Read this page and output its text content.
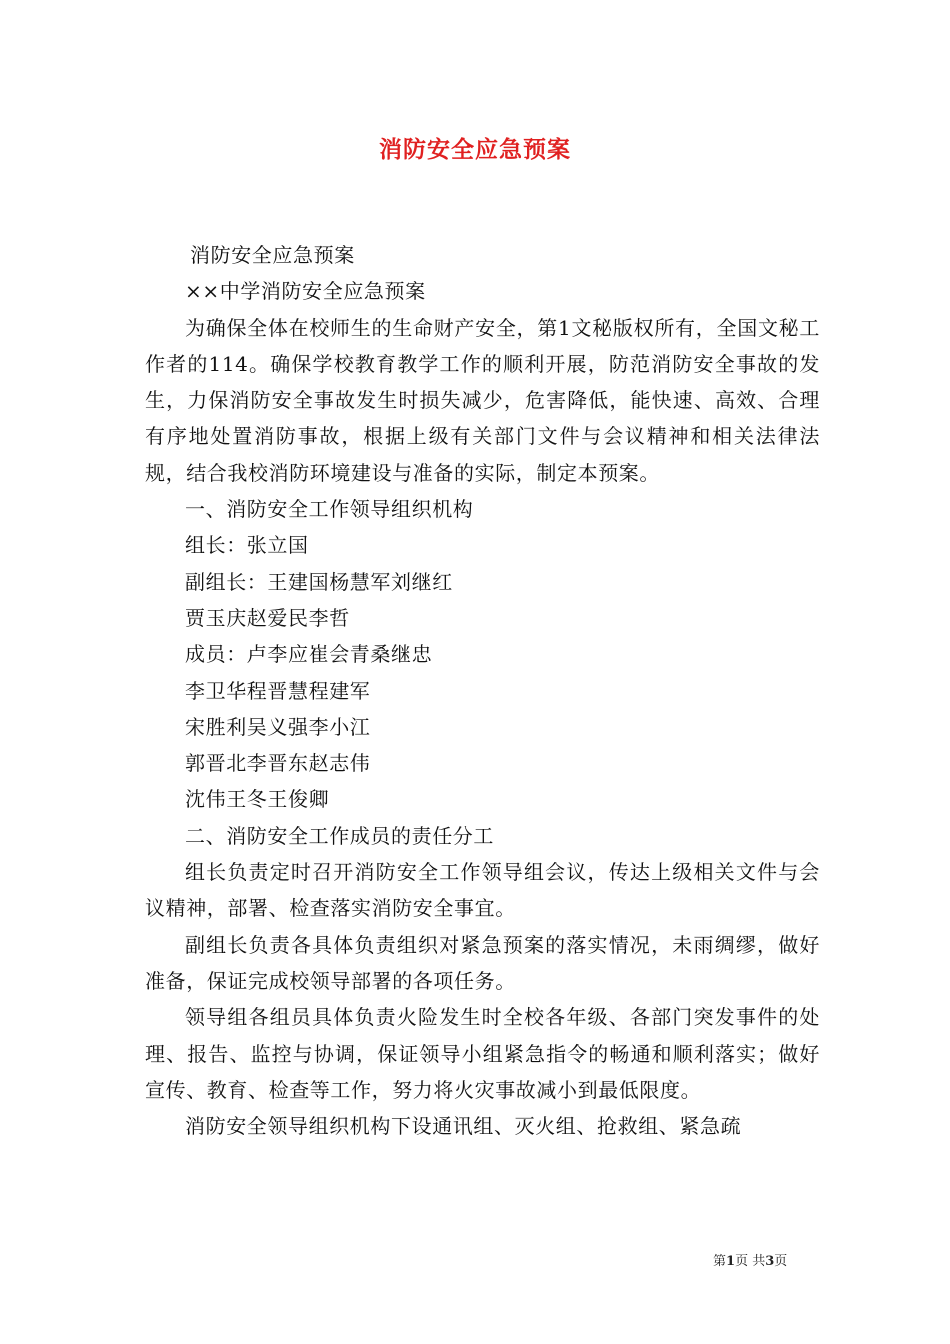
消防安全应急预案

消防安全应急预案

××中学消防安全应急预案

为确保全体在校师生的生命财产安全，第1文秘版权所有，全国文秘工作者的114。确保学校教育教学工作的顺利开展，防范消防安全事故的发生，力保消防安全事故发生时损失减少，危害降低，能快速、高效、合理有序地处置消防事故，根据上级有关部门文件与会议精神和相关法律法规，结合我校消防环境建设与准备的实际，制定本预案。

一、消防安全工作领导组织机构

组长：张立国

副组长：王建国杨慧军刘继红

贾玉庆赵爱民李哲

成员：卢李应崔会青桑继忠

李卫华程晋慧程建军

宋胜利吴义强李小江

郭晋北李晋东赵志伟

沈伟王冬王俊卿

二、消防安全工作成员的责任分工

组长负责定时召开消防安全工作领导组会议，传达上级相关文件与会议精神，部署、检查落实消防安全事宜。

副组长负责各具体负责组织对紧急预案的落实情况，未雨绸缪，做好准备，保证完成校领导部署的各项任务。

领导组各组员具体负责火险发生时全校各年级、各部门突发事件的处理、报告、监控与协调，保证领导小组紧急指令的畅通和顺利落实；做好宣传、教育、检查等工作，努力将火灾事故减小到最低限度。

消防安全领导组织机构下设通讯组、灭火组、抢救组、紧急疏

第1页 共3页
